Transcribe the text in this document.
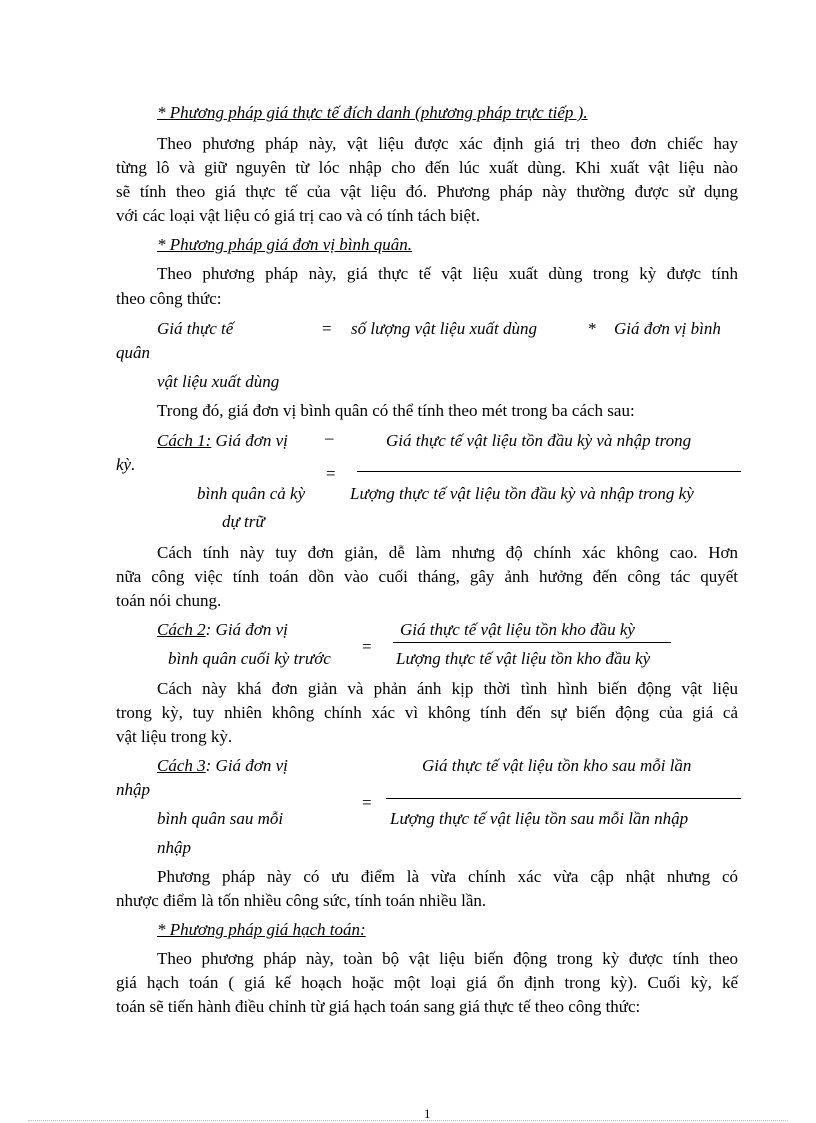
* Phương pháp giá thực tế đích danh (phương pháp trực tiếp ).
Theo phương pháp này, vật liệu được xác định giá trị theo đơn chiếc hay
từng lô và giữ nguyên từ lóc nhập cho đến lúc xuất dùng. Khi xuất vật liệu nào
sẽ tính theo giá thực tế của vật liệu đó. Phương pháp này thường được sử dụng
với các loại vật liệu có giá trị cao và có tính tách biệt.
* Phương pháp giá đơn vị bình quân.
Theo phương pháp này, giá thực tế vật liệu xuất dùng trong kỳ được tính
theo công thức:
Giá thực tế	= số lượng vật liệu xuất dùng	* Giá đơn vị bình
quân
vật liệu xuất dùng
Trong đó, giá đơn vị bình quân có thể tính theo mét trong ba cách sau:
Cách 1: Giá đơn vị –	Giá thực tế vật liệu tồn đầu kỳ và nhập trong
kỳ.	=
bình quân cả kỳ	Lượng thực tế vật liệu tồn đầu kỳ và nhập trong kỳ
dự trữ
Cách tính này tuy đơn giản, dễ làm nhưng độ chính xác không cao. Hơn
nữa công việc tính toán dồn vào cuối tháng, gây ảnh hưởng đến công tác quyết
toán nói chung.
Cách 2: Giá đơn vị	Giá thực tế vật liệu tồn kho đầu kỳ
=
bình quân cuối kỳ trước	Lượng thực tế vật liệu tồn kho đầu kỳ
Cách này khá đơn giản và phản ánh kịp thời tình hình biến động vật liệu
trong kỳ, tuy nhiên không chính xác vì không tính đến sự biến động của giá cả
vật liệu trong kỳ.
Cách 3: Giá đơn vị	Giá thực tế vật liệu tồn kho sau mỗi lần
nhập
=
bình quân sau mỗi	Lượng thực tế vật liệu tồn sau mỗi lần nhập
nhập
Phương pháp này có ưu điểm là vừa chính xác vừa cập nhật nhưng có
nhược điểm là tốn nhiều công sức, tính toán nhiều lần.
* Phương pháp giá hạch toán:
Theo phương pháp này, toàn bộ vật liệu biến động trong kỳ được tính theo
giá hạch toán ( giá kế hoạch hoặc một loại giá ổn định trong kỳ). Cuối kỳ, kế
toán sẽ tiến hành điều chỉnh từ giá hạch toán sang giá thực tế theo công thức:
1
